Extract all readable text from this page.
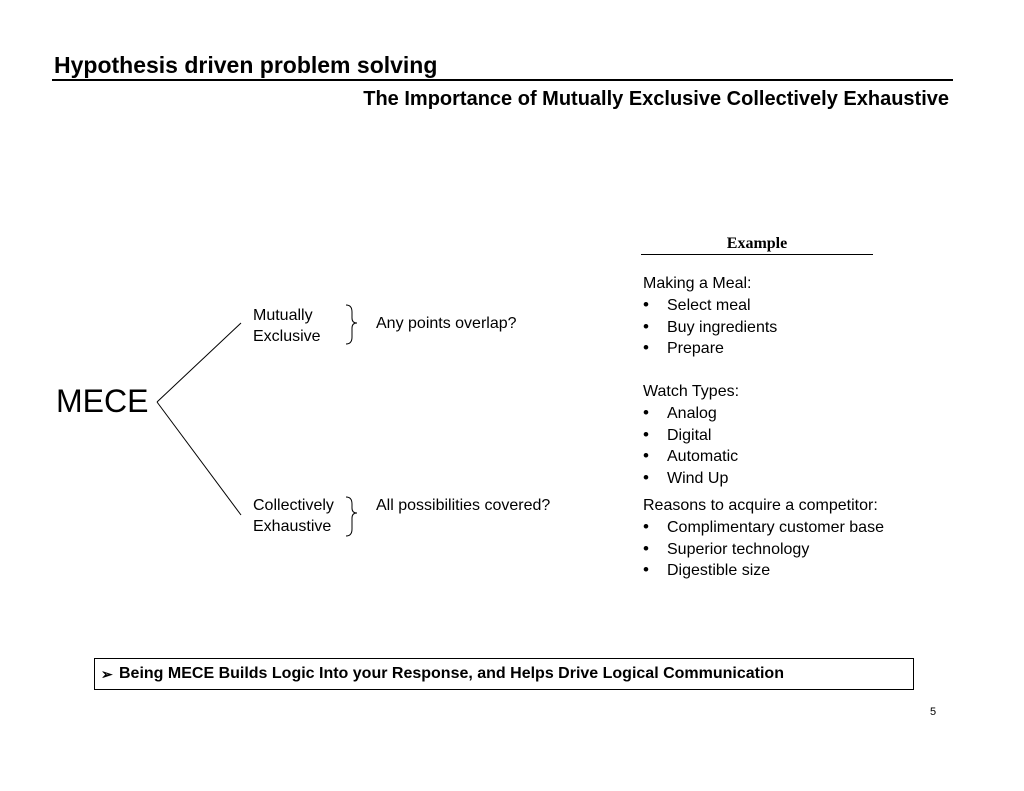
Hypothesis driven problem solving
The Importance of Mutually Exclusive Collectively Exhaustive
MECE
Mutually
Exclusive
Any points overlap?
Collectively
Exhaustive
All possibilities covered?
Example
Making a Meal:
• Select meal
• Buy ingredients
• Prepare
Watch Types:
• Analog
• Digital
• Automatic
• Wind Up
Reasons to acquire a competitor:
• Complimentary customer base
• Superior technology
• Digestible size
➢ Being MECE Builds Logic Into your Response, and Helps Drive Logical Communication
5
